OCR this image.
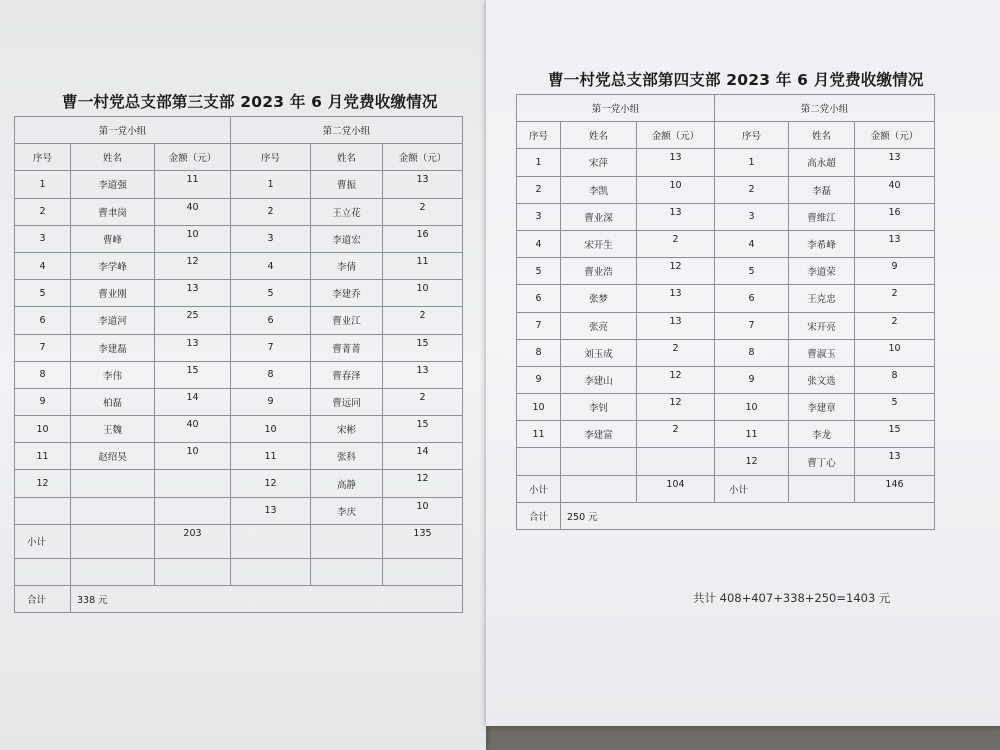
曹一村党总支部第三支部 2023 年 6 月党费收缴情况
曹一村党总支部第四支部 2023 年 6 月党费收缴情况
第一党小组			第二党小组		
序号	姓名	金额（元）	序号	姓名	金额（元）
1	李道强	11	1	曹振	13
2	曹聿岗	40	2	王立花	2
3	曹峰	10	3	李道宏	16
4	李学峰	12	4	李倩	11
5	曹业刚	13	5	李建乔	10
6	李道河	25	6	曹业江	2
7	李建磊	13	7	曹菁菁	15
8	李伟	15	8	曹春泽	13
9	柏磊	14	9	曹远同	2
10	王魏	40	10	宋彬	15
11	赵绍昊	10	11	张科	14
12			12	高静	12
			13	李庆	10
小计		203			135

合计	338 元				
第一党小组			第二党小组		
序号	姓名	金额（元）	序号	姓名	金额（元）
1	宋萍	13	1	高永超	13
2	李凯	10	2	李磊	40
3	曹业深	13	3	曹维江	16
4	宋开生	2	4	李希峰	13
5	曹业浩	12	5	李道荣	9
6	张梦	13	6	王克忠	2
7	张亮	13	7	宋开亮	2
8	刘玉成	2	8	曹淑玉	10
9	李建山	12	9	张文选	8
10	李钊	12	10	李建章	5
11	李建富	2	11	李龙	15
			12	曹丁心	13
小计		104	小计		146
合计	250 元				
共计 408+407+338+250=1403 元
